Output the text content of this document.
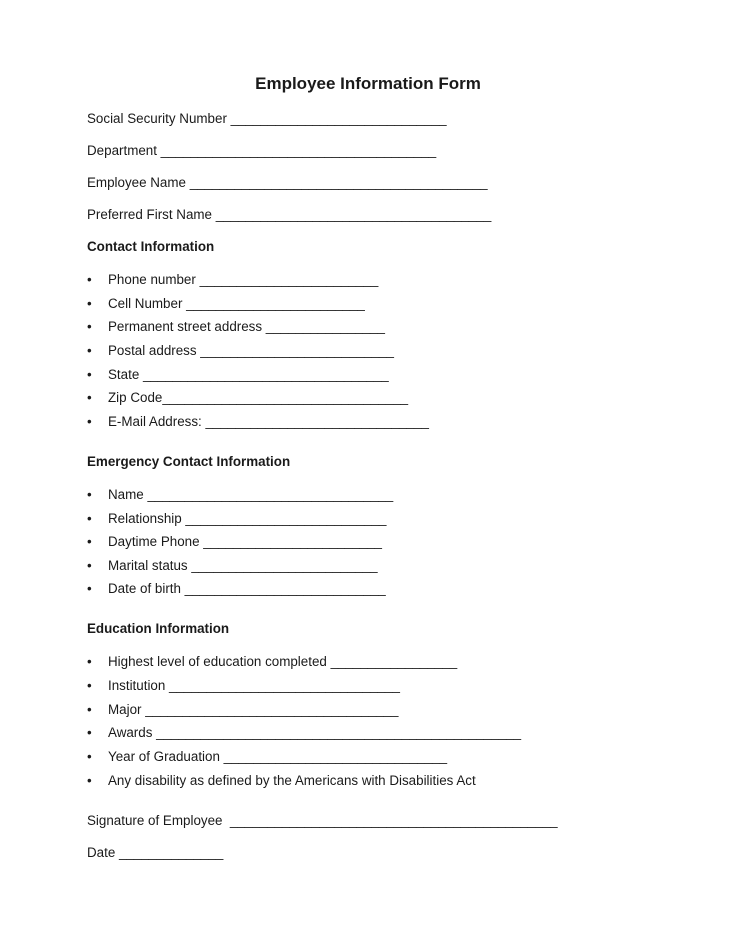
Employee Information Form
Social Security Number _____________________________
Department _____________________________________
Employee Name ________________________________________
Preferred First Name _____________________________________
Contact Information

•

	Phone number ________________________

•

	Cell Number ________________________

•

	Permanent street address ________________

•

	Postal address __________________________

•

	State _________________________________

•

	Zip Code_________________________________

•

	E-Mail Address: ______________________________

Emergency Contact Information

•

	Name _________________________________

•

	Relationship ___________________________

•

	Daytime Phone ________________________

•

	Marital status _________________________

•

	Date of birth ___________________________

Education Information

•

	Highest level of education completed _________________

•

	Institution _______________________________

•

	Major __________________________________

•

	Awards _________________________________________________

•

	Year of Graduation ______________________________

•

	Any disability as defined by the Americans with Disabilities Act

Signature of Employee  ____________________________________________
Date ______________
